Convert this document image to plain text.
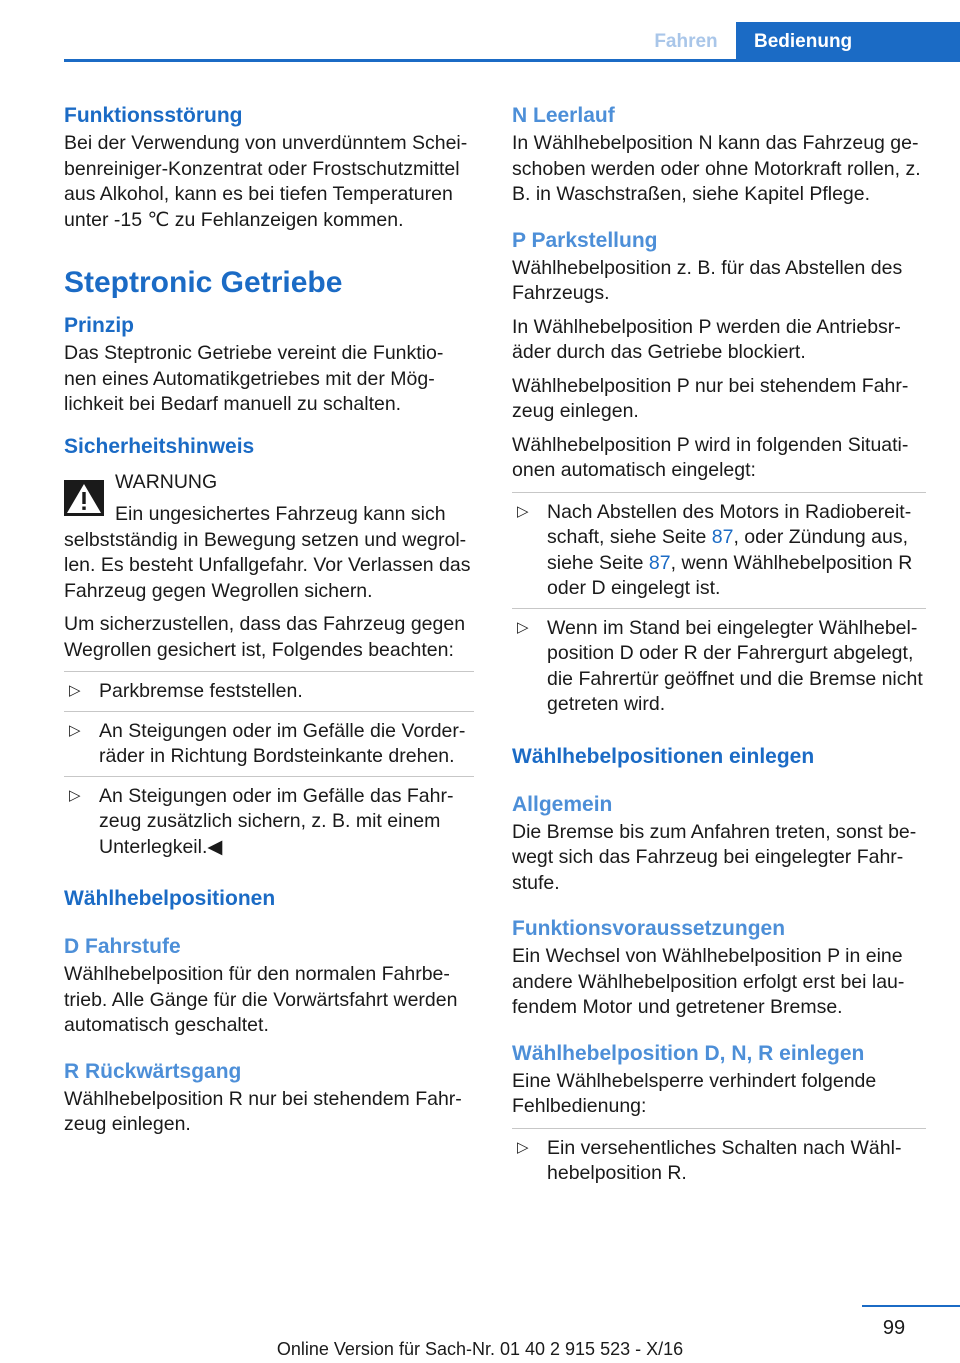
Fahren	Bedienung
Funktionsstörung

Bei der Verwendung von unverdünntem Schei‐ benreiniger-Konzentrat oder Frostschutzmittel aus Alkohol, kann es bei tiefen Temperaturen unter -15 ℃ zu Fehlanzeigen kommen.

Steptronic Getriebe
Prinzip

Das Steptronic Getriebe vereint die Funktio‐ nen eines Automatikgetriebes mit der Mög‐ lichkeit bei Bedarf manuell zu schalten.

Sicherheitshinweis
WARNUNG
Ein ungesichertes Fahrzeug kann sich

selbstständig in Bewegung setzen und wegrol‐ len. Es besteht Unfallgefahr. Vor Verlassen das Fahrzeug gegen Wegrollen sichern.

Um sicherzustellen, dass das Fahrzeug gegen Wegrollen gesichert ist, Folgendes beachten:

▷ Parkbremse feststellen.
▷ An Steigungen oder im Gefälle die Vorder‐ räder in Richtung Bordsteinkante drehen.
▷ An Steigungen oder im Gefälle das Fahr‐ zeug zusätzlich sichern, z. B. mit einem Unterlegkeil.◀
Wählhebelpositionen
D Fahrstufe

Wählhebelposition für den normalen Fahrbe‐ trieb. Alle Gänge für die Vorwärtsfahrt werden automatisch geschaltet.

R Rückwärtsgang

Wählhebelposition R nur bei stehendem Fahr‐ zeug einlegen.

N Leerlauf

In Wählhebelposition N kann das Fahrzeug ge‐ schoben werden oder ohne Motorkraft rollen, z. B. in Waschstraßen, siehe Kapitel Pflege.

P Parkstellung

Wählhebelposition z. B. für das Abstellen des Fahrzeugs.

In Wählhebelposition P werden die Antriebsr‐ äder durch das Getriebe blockiert.

Wählhebelposition P nur bei stehendem Fahr‐ zeug einlegen.

Wählhebelposition P wird in folgenden Situati‐ onen automatisch eingelegt:

▷ Nach Abstellen des Motors in Radiobereit‐ schaft, siehe Seite 87, oder Zündung aus, siehe Seite 87, wenn Wählhebelposition R oder D eingelegt ist.
▷ Wenn im Stand bei eingelegter Wählhebel‐ position D oder R der Fahrergurt abgelegt, die Fahrertür geöffnet und die Bremse nicht getreten wird.
Wählhebelpositionen einlegen
Allgemein

Die Bremse bis zum Anfahren treten, sonst be‐ wegt sich das Fahrzeug bei eingelegter Fahr‐ stufe.

Funktionsvoraussetzungen

Ein Wechsel von Wählhebelposition P in eine andere Wählhebelposition erfolgt erst bei lau‐ fendem Motor und getretener Bremse.

Wählhebelposition D, N, R einlegen

Eine Wählhebelsperre verhindert folgende Fehlbedienung:

▷ Ein versehentliches Schalten nach Wähl‐ hebelposition R.
99
Online Version für Sach-Nr. 01 40 2 915 523 - X/16
